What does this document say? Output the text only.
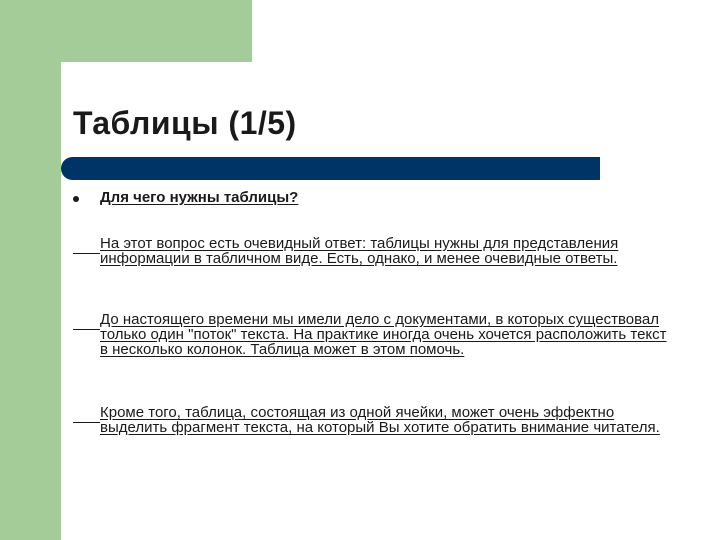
Таблицы (1/5)
Для чего нужны таблицы?
На этот вопрос есть очевидный ответ: таблицы нужны для представления информации в табличном виде. Есть, однако, и менее очевидные ответы.
До настоящего времени мы имели дело с документами, в которых существовал только один "поток" текста. На практике иногда очень хочется расположить текст в несколько колонок. Таблица может в этом помочь.
Кроме того, таблица, состоящая из одной ячейки, может очень эффектно выделить фрагмент текста, на который Вы хотите обратить внимание читателя.
